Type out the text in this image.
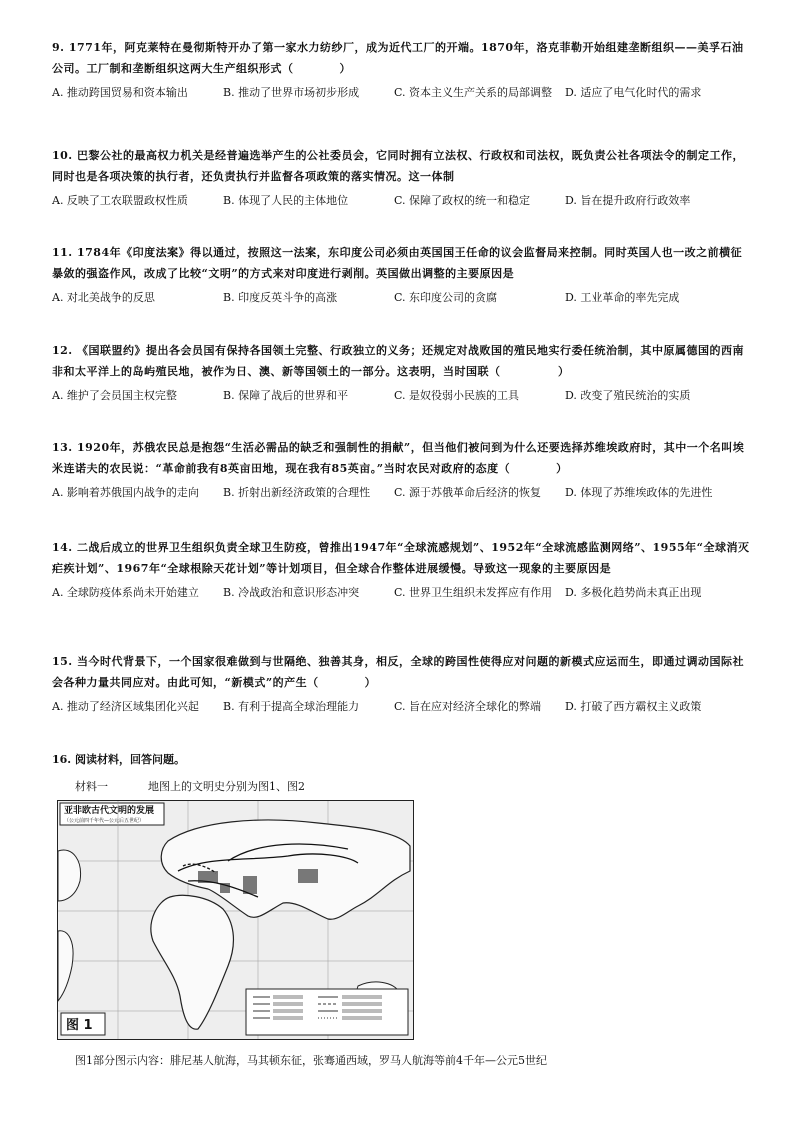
9. 1771年，阿克莱特在曼彻斯特开办了第一家水力纺纱厂，成为近代工厂的开端。1870年，洛克菲勒开始组建垄断组织——美孚石油公司。工厂制和垄断组织这两大生产组织形式（　　　　）

A. 推动跨国贸易和资本输出	B. 推动了世界市场初步形成	C. 资本主义生产关系的局部调整	D. 适应了电气化时代的需求

10. 巴黎公社的最高权力机关是经普遍选举产生的公社委员会，它同时拥有立法权、行政权和司法权，既负责公社各项法令的制定工作，同时也是各项决策的执行者，还负责执行并监督各项政策的落实情况。这一体制

A. 反映了工农联盟政权性质	B. 体现了人民的主体地位	C. 保障了政权的统一和稳定	D. 旨在提升政府行政效率

11. 1784年《印度法案》得以通过，按照这一法案，东印度公司必须由英国国王任命的议会监督局来控制。同时英国人也一改之前横征暴敛的强盗作风，改成了比较“文明”的方式来对印度进行剥削。英国做出调整的主要原因是

A. 对北美战争的反思	B. 印度反英斗争的高涨	C. 东印度公司的贪腐	D. 工业革命的率先完成

12. 《国联盟约》提出各会员国有保持各国领土完整、行政独立的义务；还规定对战败国的殖民地实行委任统治制，其中原属德国的西南非和太平洋上的岛屿殖民地，被作为日、澳、新等国领土的一部分。这表明，当时国联（　　　　　）

A. 维护了会员国主权完整	B. 保障了战后的世界和平	C. 是奴役弱小民族的工具	D. 改变了殖民统治的实质

13. 1920年，苏俄农民总是抱怨“生活必需品的缺乏和强制性的捐献”，但当他们被问到为什么还要选择苏维埃政府时，其中一个名叫埃米连诺夫的农民说：“革命前我有8英亩田地，现在我有85英亩。”当时农民对政府的态度（　　　　）

A. 影响着苏俄国内战争的走向	B. 折射出新经济政策的合理性	C. 源于苏俄革命后经济的恢复	D. 体现了苏维埃政体的先进性

14. 二战后成立的世界卫生组织负责全球卫生防疫，曾推出1947年“全球流感规划”、1952年“全球流感监测网络”、1955年“全球消灭疟疾计划”、1967年“全球根除天花计划”等计划项目，但全球合作整体进展缓慢。导致这一现象的主要原因是

A. 全球防疫体系尚未开始建立	B. 冷战政治和意识形态冲突	C. 世界卫生组织未发挥应有作用	D. 多极化趋势尚未真正出现

15. 当今时代背景下，一个国家很难做到与世隔绝、独善其身，相反，全球的跨国性使得应对问题的新模式应运而生，即通过调动国际社会各种力量共同应对。由此可知，“新模式”的产生（　　　　）

A. 推动了经济区域集团化兴起	B. 有利于提高全球治理能力	C. 旨在应对经济全球化的弊端	D. 打破了西方霸权主义政策
16. 阅读材料，回答问题。
材料一	地图上的文明史分别为图1、图2
亚非欧古代文明的发展
（公元前四千年代—公元后五世纪）
图 1
图1部分图示内容：腓尼基人航海，马其顿东征，张骞通西域，罗马人航海等前4千年—公元5世纪
